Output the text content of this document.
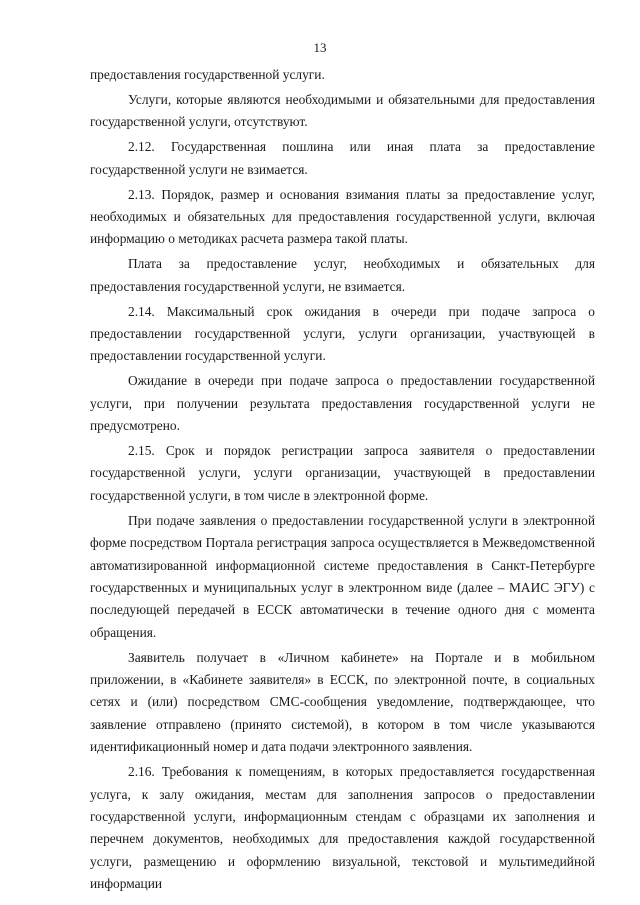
13

предоставления государственной услуги.

Услуги, которые являются необходимыми и обязательными для предоставления государственной услуги, отсутствуют.

2.12. Государственная пошлина или иная плата за предоставление государственной услуги не взимается.

2.13. Порядок, размер и основания взимания платы за предоставление услуг, необходимых и обязательных для предоставления государственной услуги, включая информацию о методиках расчета размера такой платы.

Плата за предоставление услуг, необходимых и обязательных для предоставления государственной услуги, не взимается.

2.14. Максимальный срок ожидания в очереди при подаче запроса о предоставлении государственной услуги, услуги организации, участвующей в предоставлении государственной услуги.

Ожидание в очереди при подаче запроса о предоставлении государственной услуги, при получении результата предоставления государственной услуги не предусмотрено.

2.15. Срок и порядок регистрации запроса заявителя о предоставлении государственной услуги, услуги организации, участвующей в предоставлении государственной услуги, в том числе в электронной форме.

При подаче заявления о предоставлении государственной услуги в электронной форме посредством Портала регистрация запроса осуществляется в Межведомственной автоматизированной информационной системе предоставления в Санкт-Петербурге государственных и муниципальных услуг в электронном виде (далее – МАИС ЭГУ) с последующей передачей в ЕССК автоматически в течение одного дня с момента обращения.

Заявитель получает в «Личном кабинете» на Портале и в мобильном приложении, в «Кабинете заявителя» в ЕССК, по электронной почте, в социальных сетях и (или) посредством СМС-сообщения уведомление, подтверждающее, что заявление отправлено (принято системой), в котором в том числе указываются идентификационный номер и дата подачи электронного заявления.

2.16. Требования к помещениям, в которых предоставляется государственная услуга, к залу ожидания, местам для заполнения запросов о предоставлении государственной услуги, информационным стендам с образцами их заполнения и перечнем документов, необходимых для предоставления каждой государственной услуги, размещению и оформлению визуальной, текстовой и мультимедийной информации
